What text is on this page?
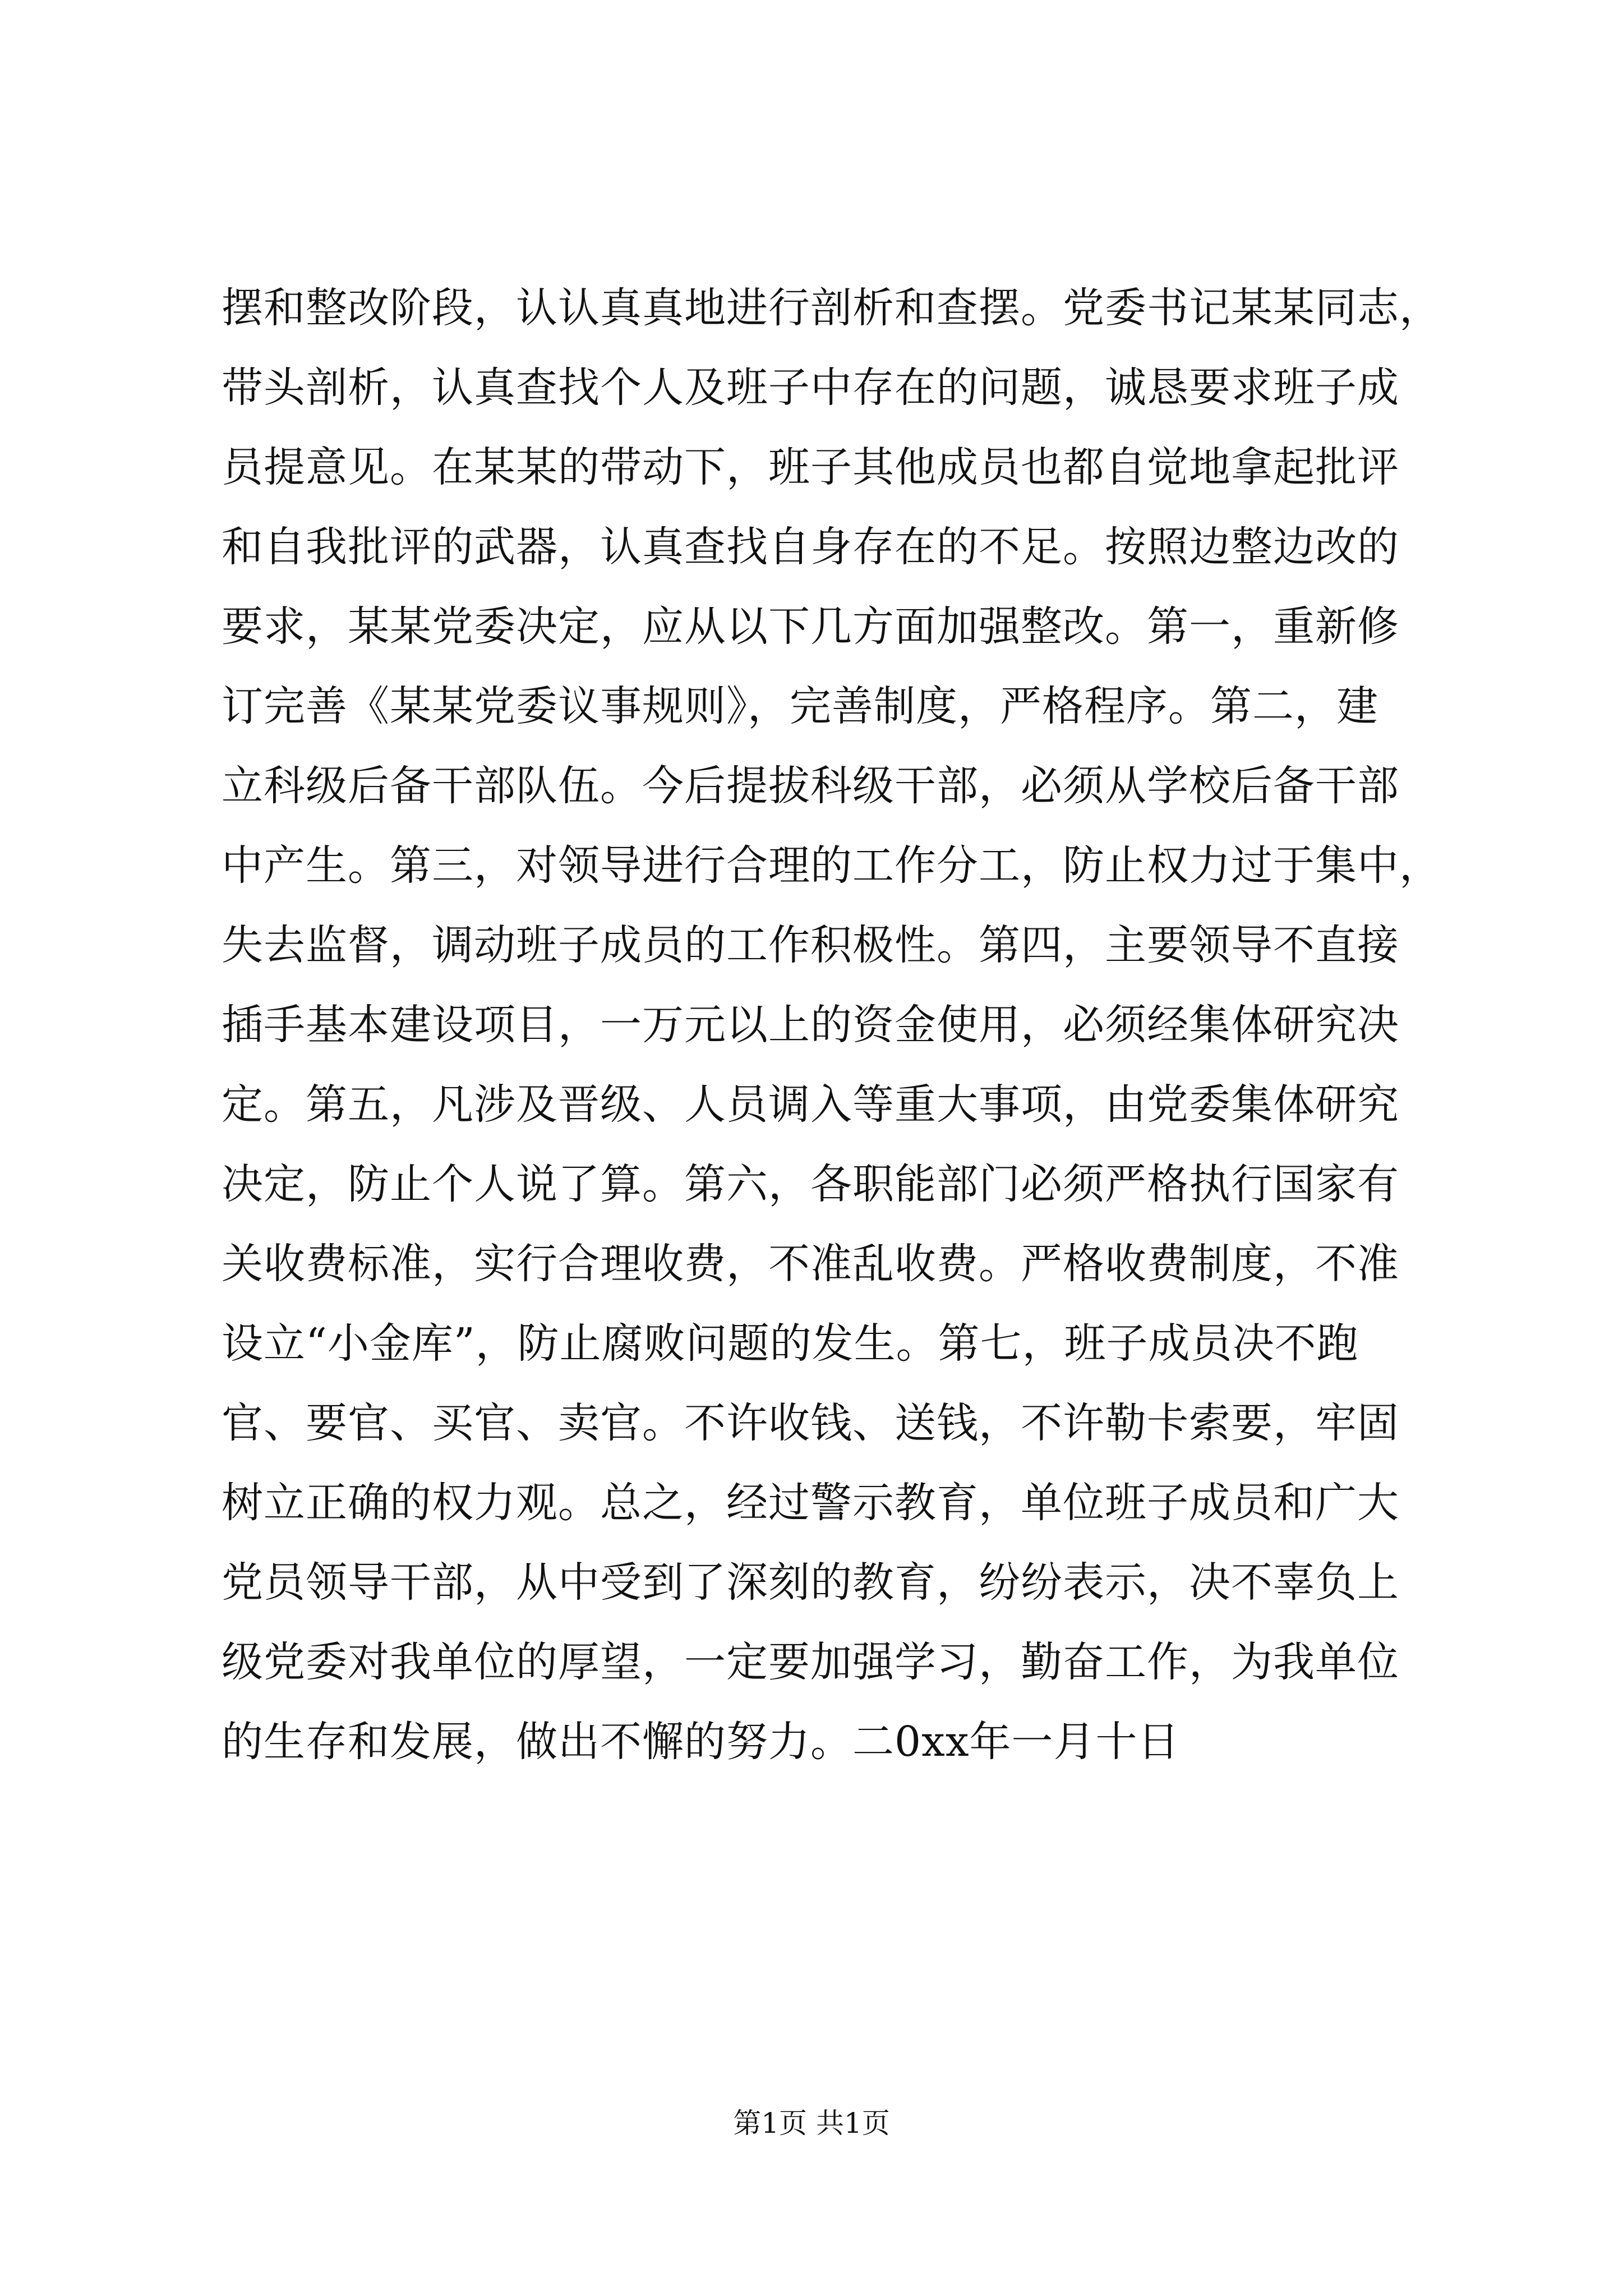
摆和整改阶段，认认真真地进行剖析和查摆。党委书记某某同志，
带头剖析，认真查找个人及班子中存在的问题，诚恳要求班子成
员提意见。在某某的带动下，班子其他成员也都自觉地拿起批评
和自我批评的武器，认真查找自身存在的不足。按照边整边改的
要求，某某党委决定，应从以下几方面加强整改。第一，重新修
订完善《某某党委议事规则》，完善制度，严格程序。第二，建
立科级后备干部队伍。今后提拔科级干部，必须从学校后备干部
中产生。第三，对领导进行合理的工作分工，防止权力过于集中，
失去监督，调动班子成员的工作积极性。第四，主要领导不直接
插手基本建设项目，一万元以上的资金使用，必须经集体研究决
定。第五，凡涉及晋级、人员调入等重大事项，由党委集体研究
决定，防止个人说了算。第六，各职能部门必须严格执行国家有
关收费标准，实行合理收费，不准乱收费。严格收费制度，不准
设立“小金库”，防止腐败问题的发生。第七，班子成员决不跑
官、要官、买官、卖官。不许收钱、送钱，不许勒卡索要，牢固
树立正确的权力观。总之，经过警示教育，单位班子成员和广大
党员领导干部，从中受到了深刻的教育，纷纷表示，决不辜负上
级党委对我单位的厚望，一定要加强学习，勤奋工作，为我单位
的生存和发展，做出不懈的努力。二0xx年一月十日
第1页 共1页
